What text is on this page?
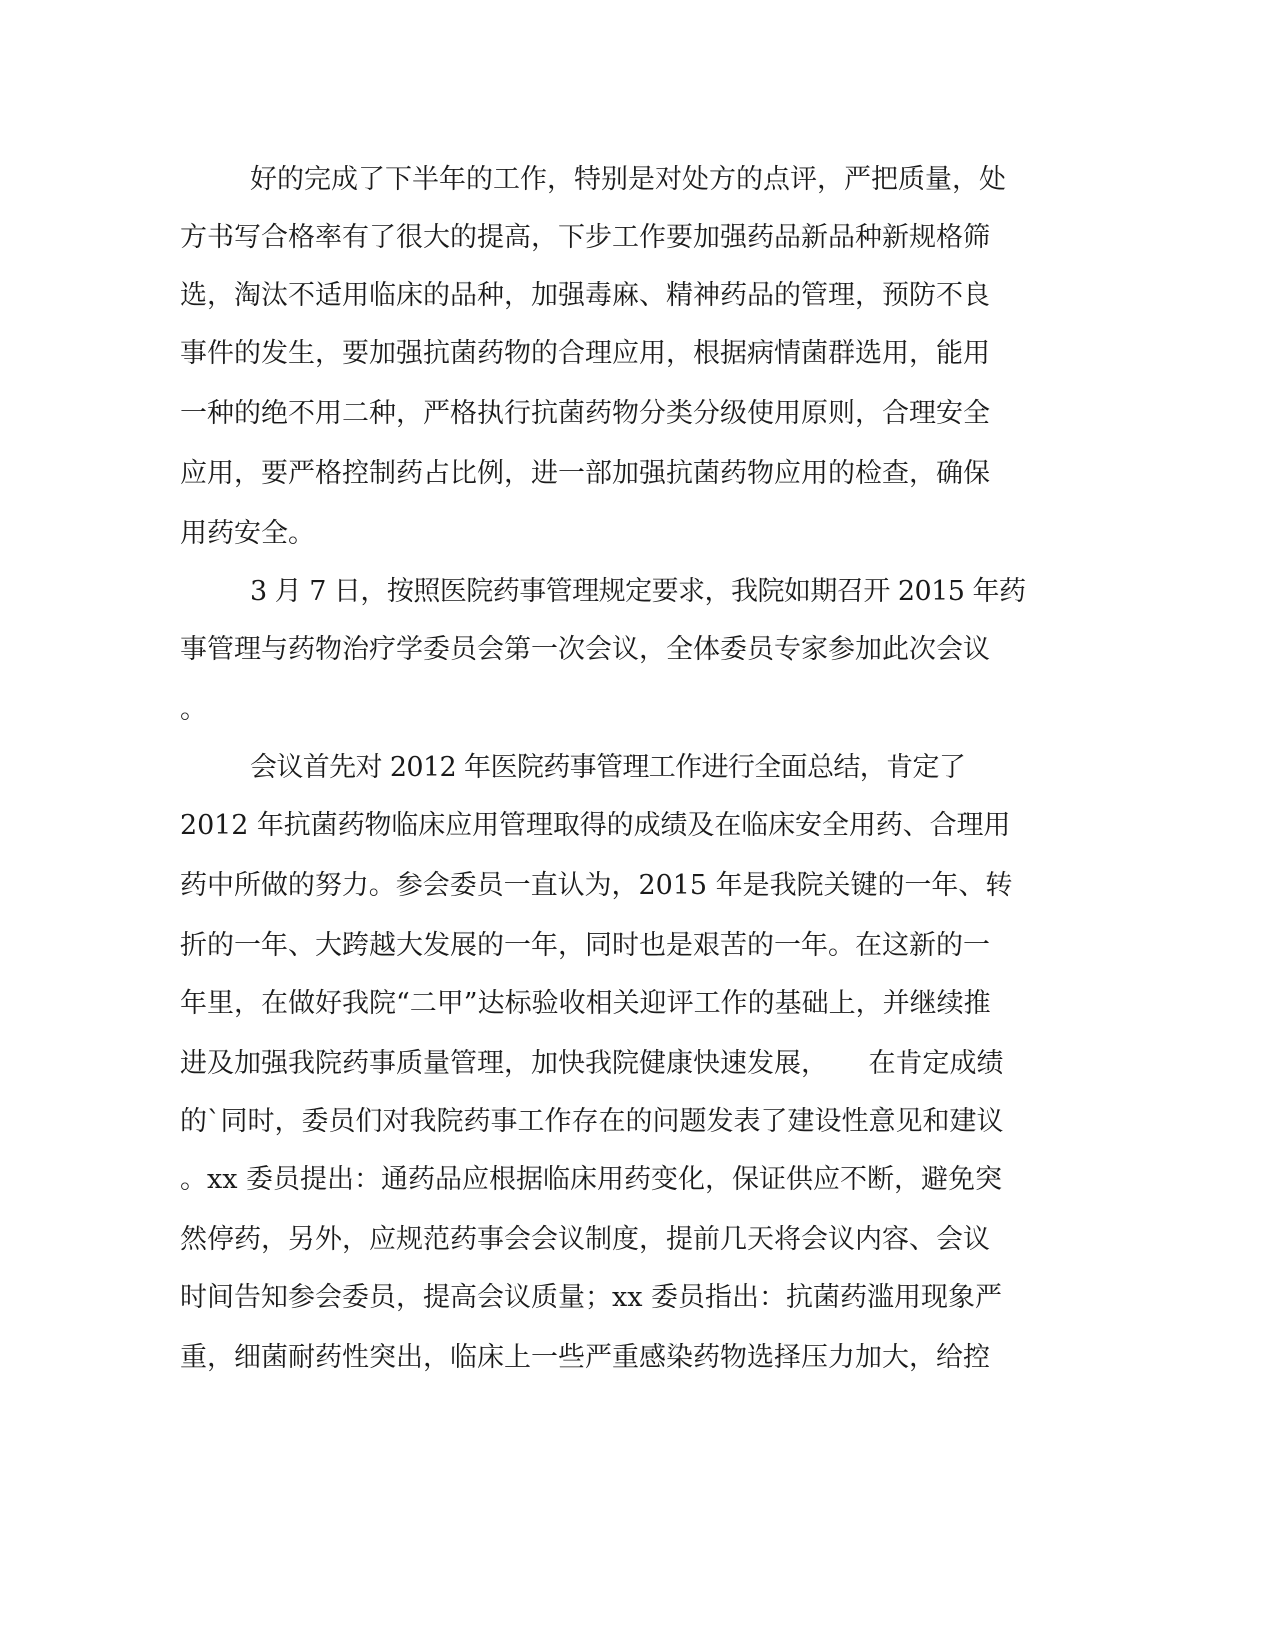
好的完成了下半年的工作，特别是对处方的点评，严把质量，处
方书写合格率有了很大的提高，下步工作要加强药品新品种新规格筛
选，淘汰不适用临床的品种，加强毒麻、精神药品的管理，预防不良
事件的发生，要加强抗菌药物的合理应用，根据病情菌群选用，能用
一种的绝不用二种，严格执行抗菌药物分类分级使用原则，合理安全
应用，要严格控制药占比例，进一部加强抗菌药物应用的检查，确保
用药安全。
3 月 7 日，按照医院药事管理规定要求，我院如期召开 2015 年药
事管理与药物治疗学委员会第一次会议，全体委员专家参加此次会议
。
会议首先对 2012 年医院药事管理工作进行全面总结，肯定了
2012 年抗菌药物临床应用管理取得的成绩及在临床安全用药、合理用
药中所做的努力。参会委员一直认为，2015 年是我院关键的一年、转
折的一年、大跨越大发展的一年，同时也是艰苦的一年。在这新的一
年里，在做好我院“二甲”达标验收相关迎评工作的基础上，并继续推
进及加强我院药事质量管理，加快我院健康快速发展，　　在肯定成绩
的`同时，委员们对我院药事工作存在的问题发表了建设性意见和建议
。xx 委员提出：通药品应根据临床用药变化，保证供应不断，避免突
然停药，另外，应规范药事会会议制度，提前几天将会议内容、会议
时间告知参会委员，提高会议质量；xx 委员指出：抗菌药滥用现象严
重，细菌耐药性突出，临床上一些严重感染药物选择压力加大，给控
